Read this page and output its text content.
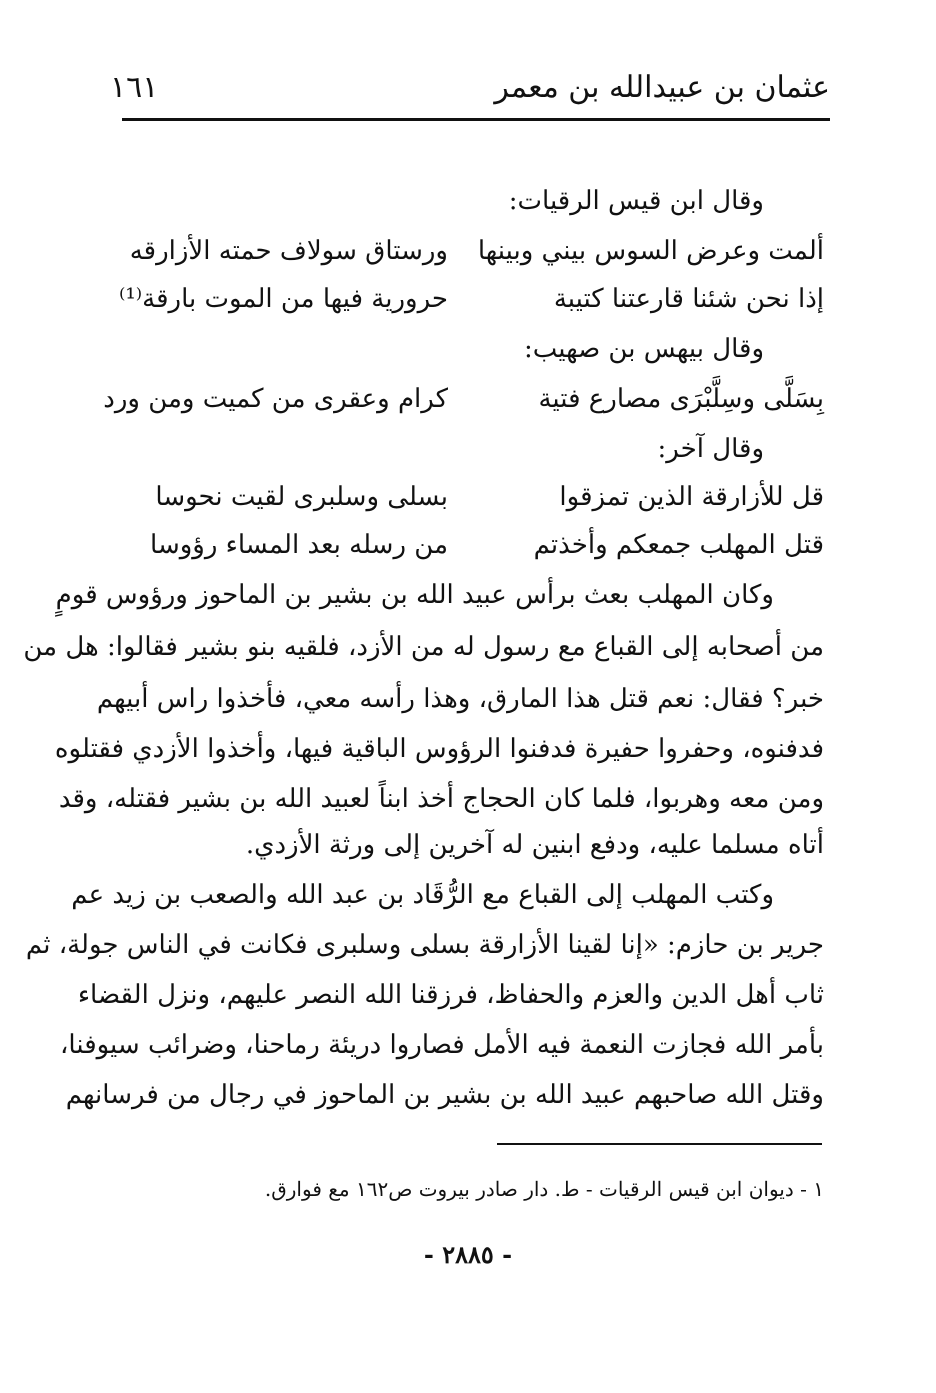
عثمان بن عبيدالله بن معمر
١٦١
وقال ابن قيس الرقيات:
ألمت وعرض السوس بيني وبينها
ورستاق سولاف حمته الأزارقه
إذا نحن شئنا قارعتنا كتيبة
حرورية فيها من الموت بارقة⁽¹⁾
وقال بيهس بن صهيب:
بِسَلَّى وسِلَّبْرَى مصارع فتية
كرام وعقرى من كميت ومن ورد
وقال آخر:
قل للأزارقة الذين تمزقوا
بسلى وسلبرى لقيت نحوسا
قتل المهلب جمعكم وأخذتم
من رسله بعد المساء رؤوسا
وكان المهلب بعث برأس عبيد الله بن بشير بن الماحوز ورؤوس قومٍ
من أصحابه إلى القباع مع رسول له من الأزد، فلقيه بنو بشير فقالوا: هل من
خبر؟ فقال: نعم قتل هذا المارق، وهذا رأسه معي، فأخذوا راس أبيهم
فدفنوه، وحفروا حفيرة فدفنوا الرؤوس الباقية فيها، وأخذوا الأزدي فقتلوه
ومن معه وهربوا، فلما كان الحجاج أخذ ابناً لعبيد الله بن بشير فقتله، وقد
أتاه مسلما عليه، ودفع ابنين له آخرين إلى ورثة الأزدي.
وكتب المهلب إلى القباع مع الرُّقَاد بن عبد الله والصعب بن زيد عم
جرير بن حازم: «إنا لقينا الأزارقة بسلى وسلبرى فكانت في الناس جولة، ثم
ثاب أهل الدين والعزم والحفاظ، فرزقنا الله النصر عليهم، ونزل القضاء
بأمر الله فجازت النعمة فيه الأمل فصاروا دريئة رماحنا، وضرائب سيوفنا،
وقتل الله صاحبهم عبيد الله بن بشير بن الماحوز في رجال من فرسانهم
١ - ديوان ابن قيس الرقيات - ط. دار صادر بيروت ص١٦٢ مع فوارق.
- ٢٨٨٥ -
